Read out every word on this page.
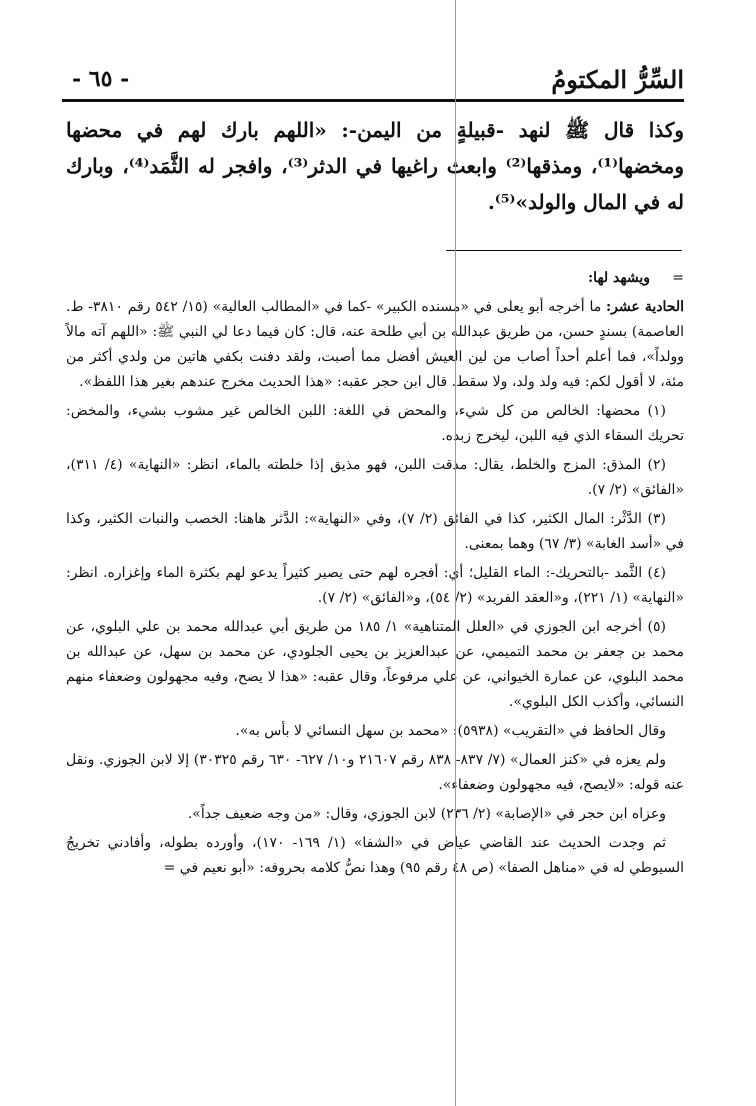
- ٦٥ -	السِّرُّ المكتومُ

وكذا قال ﷺ لنهد -قبيلةٍ من اليمن-: «اللهم بارك لهم في محضها ومخضها⁽¹⁾، ومذقها⁽²⁾ وابعث راغيها في الدثر⁽³⁾، وافجر له الثَّمَد⁽⁴⁾، وبارك له في المال والولد»⁽⁵⁾.

=     ويشهد لها:

الحادية عشر: ما أخرجه أبو يعلى في «مسنده الكبير» -كما في «المطالب العالية» (١٥/ ٥٤٢ رقم ٣٨١٠- ط. العاصمة) بسندٍ حسن، من طريق عبدالله بن أبي طلحة عنه، قال: كان فيما دعا لي النبي ﷺ: «اللهم آته مالاً وولداً»، فما أعلم أحداً أصاب من لين العيش أفضل مما أصبت، ولقد دفنت بكفي هاتين من ولدي أكثر من مئة، لا أقول لكم: فيه ولد ولد، ولا سقط. قال ابن حجر عقبه: «هذا الحديث مخرج عندهم بغير هذا اللفظ».

(١) محضها: الخالص من كل شيء، والمحض في اللغة: اللبن الخالص غير مشوب بشيء، والمخض: تحريك السقاء الذي فيه اللبن، ليخرج زبده.

(٢) المذق: المزج والخلط، يقال: مذقت اللبن، فهو مذيق إذا خلطته بالماء، انظر: «النهاية» (٤/ ٣١١)، «الفائق» (٢/ ٧).

(٣) الدَّثْر: المال الكثير، كذا في الفائق (٢/ ٧)، وفي «النهاية»: الدَّثر هاهنا: الخصب والنبات الكثير، وكذا في «أسد الغابة» (٣/ ٦٧) وهما بمعنى.

(٤) الثَّمد -بالتحريك-: الماء القليل؛ أي: أفجره لهم حتى يصير كثيراً يدعو لهم بكثرة الماء وإغزاره. انظر: «النهاية» (١/ ٢٢١)، و«العقد الفريد» (٢/ ٥٤)، و«الفائق» (٢/ ٧).

(٥) أخرجه ابن الجوزي في «العلل المتناهية» ١/ ١٨٥ من طريق أبي عبدالله محمد بن علي البلوي، عن محمد بن جعفر بن محمد التميمي، عن عبدالعزيز بن يحيى الجلودي، عن محمد بن سهل، عن عبدالله بن محمد البلوي، عن عمارة الخيواني، عن علي مرفوعاً، وقال عقبه: «هذا لا يصح، وفيه مجهولون وضعفاء منهم النسائي، وأكذب الكل البلوي».

وقال الحافظ في «التقريب» (٥٩٣٨): «محمد بن سهل النسائي لا بأس به».

ولم يعزه في «كنز العمال» (٧/ ٨٣٧- ٨٣٨ رقم ٢١٦٠٧ و١٠/ ٦٢٧- ٦٣٠ رقم ٣٠٣٢٥) إلا لابن الجوزي. ونقل عنه قوله: «لايصح، فيه مجهولون وضعفاء».

وعزاه ابن حجر في «الإصابة» (٢/ ٢٣٦) لابن الجوزي، وقال: «من وجه ضعيف جداً».

ثم وجدت الحديث عند القاضي عياض في «الشفا» (١/ ١٦٩- ١٧٠)، وأورده بطوله، وأفادني تخريجُ السيوطي له في «مناهل الصفا» (ص ٤٨ رقم ٩٥) وهذا نصُّ كلامه بحروفه: «أبو نعيم في =
